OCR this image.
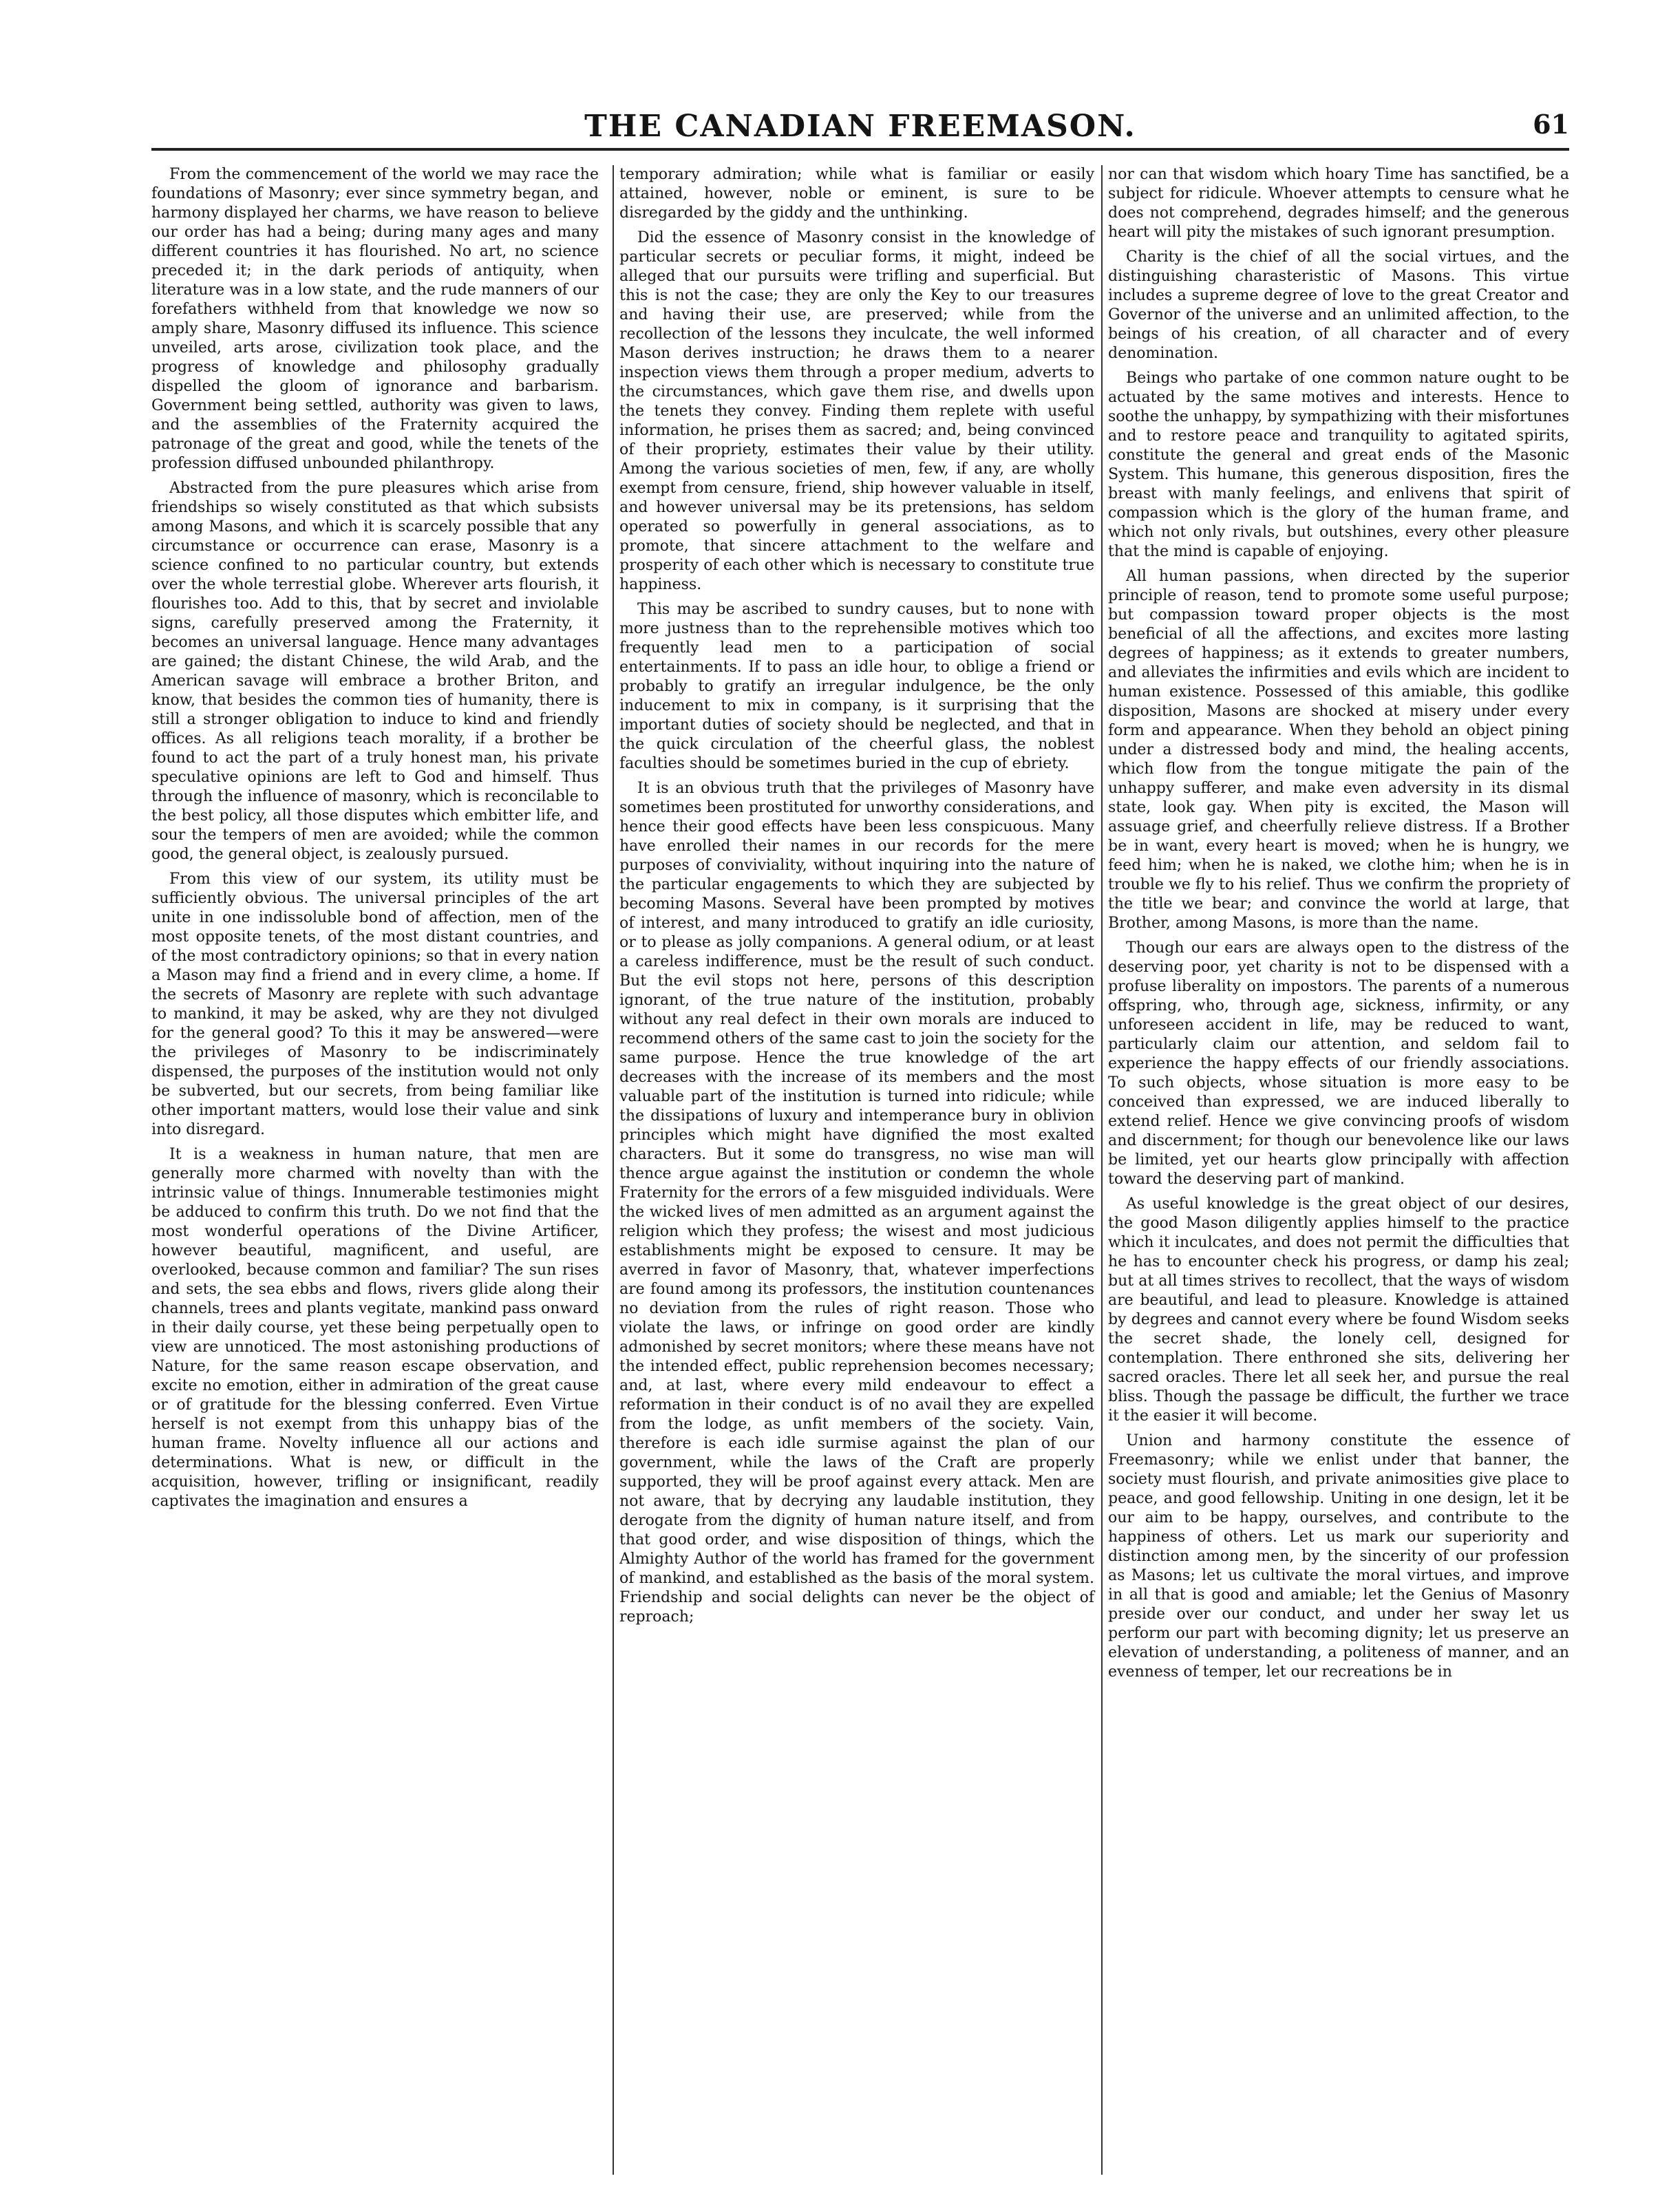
THE CANADIAN FREEMASON.	61

From the commencement of the world we may race the foundations of Masonry; ever since symmetry began, and harmony displayed her charms, we have reason to believe our order has had a being; during many ages and many different countries it has flourished. No art, no science preceded it; in the dark periods of antiquity, when literature was in a low state, and the rude manners of our forefathers withheld from that knowledge we now so amply share, Masonry diffused its influence. This science unveiled, arts arose, civilization took place, and the progress of knowledge and philosophy gradually dispelled the gloom of ignorance and barbarism. Government being settled, authority was given to laws, and the assemblies of the Fraternity acquired the patronage of the great and good, while the tenets of the profession diffused unbounded philanthropy.

Abstracted from the pure pleasures which arise from friendships so wisely constituted as that which subsists among Masons, and which it is scarcely possible that any circumstance or occurrence can erase, Masonry is a science confined to no particular country, but extends over the whole terrestial globe. Wherever arts flourish, it flourishes too. Add to this, that by secret and inviolable signs, carefully preserved among the Fraternity, it becomes an universal language. Hence many advantages are gained; the distant Chinese, the wild Arab, and the American savage will embrace a brother Briton, and know, that besides the common ties of humanity, there is still a stronger obligation to induce to kind and friendly offices. As all religions teach morality, if a brother be found to act the part of a truly honest man, his private speculative opinions are left to God and himself. Thus through the influence of masonry, which is reconcilable to the best policy, all those disputes which embitter life, and sour the tempers of men are avoided; while the common good, the general object, is zealously pursued.

From this view of our system, its utility must be sufficiently obvious. The universal principles of the art unite in one indissoluble bond of affection, men of the most opposite tenets, of the most distant countries, and of the most contradictory opinions; so that in every nation a Mason may find a friend and in every clime, a home. If the secrets of Masonry are replete with such advantage to mankind, it may be asked, why are they not divulged for the general good? To this it may be answered—were the privileges of Masonry to be indiscriminately dispensed, the purposes of the institution would not only be subverted, but our secrets, from being familiar like other important matters, would lose their value and sink into disregard.

It is a weakness in human nature, that men are generally more charmed with novelty than with the intrinsic value of things. Innumerable testimonies might be adduced to confirm this truth. Do we not find that the most wonderful operations of the Divine Artificer, however beautiful, magnificent, and useful, are overlooked, because common and familiar? The sun rises and sets, the sea ebbs and flows, rivers glide along their channels, trees and plants vegitate, mankind pass onward in their daily course, yet these being perpetually open to view are unnoticed. The most astonishing productions of Nature, for the same reason escape observation, and excite no emotion, either in admiration of the great cause or of gratitude for the blessing conferred. Even Virtue herself is not exempt from this unhappy bias of the human frame. Novelty influence all our actions and determinations. What is new, or difficult in the acquisition, however, trifling or insignificant, readily captivates the imagination and ensures a

temporary admiration; while what is familiar or easily attained, however, noble or eminent, is sure to be disregarded by the giddy and the unthinking.

Did the essence of Masonry consist in the knowledge of particular secrets or peculiar forms, it might, indeed be alleged that our pursuits were trifling and superficial. But this is not the case; they are only the Key to our treasures and having their use, are preserved; while from the recollection of the lessons they inculcate, the well informed Mason derives instruction; he draws them to a nearer inspection views them through a proper medium, adverts to the circumstances, which gave them rise, and dwells upon the tenets they convey. Finding them replete with useful information, he prises them as sacred; and, being convinced of their propriety, estimates their value by their utility. Among the various societies of men, few, if any, are wholly exempt from censure, friend, ship however valuable in itself, and however universal may be its pretensions, has seldom operated so powerfully in general associations, as to promote, that sincere attachment to the welfare and prosperity of each other which is necessary to constitute true happiness.

This may be ascribed to sundry causes, but to none with more justness than to the reprehensible motives which too frequently lead men to a participation of social entertainments. If to pass an idle hour, to oblige a friend or probably to gratify an irregular indulgence, be the only inducement to mix in company, is it surprising that the important duties of society should be neglected, and that in the quick circulation of the cheerful glass, the noblest faculties should be sometimes buried in the cup of ebriety.

It is an obvious truth that the privileges of Masonry have sometimes been prostituted for unworthy considerations, and hence their good effects have been less conspicuous. Many have enrolled their names in our records for the mere purposes of conviviality, without inquiring into the nature of the particular engagements to which they are subjected by becoming Masons. Several have been prompted by motives of interest, and many introduced to gratify an idle curiosity, or to please as jolly companions. A general odium, or at least a careless indifference, must be the result of such conduct. But the evil stops not here, persons of this description ignorant, of the true nature of the institution, probably without any real defect in their own morals are induced to recommend others of the same cast to join the society for the same purpose. Hence the true knowledge of the art decreases with the increase of its members and the most valuable part of the institution is turned into ridicule; while the dissipations of luxury and intemperance bury in oblivion principles which might have dignified the most exalted characters. But it some do transgress, no wise man will thence argue against the institution or condemn the whole Fraternity for the errors of a few misguided individuals. Were the wicked lives of men admitted as an argument against the religion which they profess; the wisest and most judicious establishments might be exposed to censure. It may be averred in favor of Masonry, that, whatever imperfections are found among its professors, the institution countenances no deviation from the rules of right reason. Those who violate the laws, or infringe on good order are kindly admonished by secret monitors; where these means have not the intended effect, public reprehension becomes necessary; and, at last, where every mild endeavour to effect a reformation in their conduct is of no avail they are expelled from the lodge, as unfit members of the society. Vain, therefore is each idle surmise against the plan of our government, while the laws of the Craft are properly supported, they will be proof against every attack. Men are not aware, that by decrying any laudable institution, they derogate from the dignity of human nature itself, and from that good order, and wise disposition of things, which the Almighty Author of the world has framed for the government of mankind, and established as the basis of the moral system. Friendship and social delights can never be the object of reproach;

nor can that wisdom which hoary Time has sanctified, be a subject for ridicule. Whoever attempts to censure what he does not comprehend, degrades himself; and the generous heart will pity the mistakes of such ignorant presumption.

Charity is the chief of all the social virtues, and the distinguishing charasteristic of Masons. This virtue includes a supreme degree of love to the great Creator and Governor of the universe and an unlimited affection, to the beings of his creation, of all character and of every denomination.

Beings who partake of one common nature ought to be actuated by the same motives and interests. Hence to soothe the unhappy, by sympathizing with their misfortunes and to restore peace and tranquility to agitated spirits, constitute the general and great ends of the Masonic System. This humane, this generous disposition, fires the breast with manly feelings, and enlivens that spirit of compassion which is the glory of the human frame, and which not only rivals, but outshines, every other pleasure that the mind is capable of enjoying.

All human passions, when directed by the superior principle of reason, tend to promote some useful purpose; but compassion toward proper objects is the most beneficial of all the affections, and excites more lasting degrees of happiness; as it extends to greater numbers, and alleviates the infirmities and evils which are incident to human existence. Possessed of this amiable, this godlike disposition, Masons are shocked at misery under every form and appearance. When they behold an object pining under a distressed body and mind, the healing accents, which flow from the tongue mitigate the pain of the unhappy sufferer, and make even adversity in its dismal state, look gay. When pity is excited, the Mason will assuage grief, and cheerfully relieve distress. If a Brother be in want, every heart is moved; when he is hungry, we feed him; when he is naked, we clothe him; when he is in trouble we fly to his relief. Thus we confirm the propriety of the title we bear; and convince the world at large, that Brother, among Masons, is more than the name.

Though our ears are always open to the distress of the deserving poor, yet charity is not to be dispensed with a profuse liberality on impostors. The parents of a numerous offspring, who, through age, sickness, infirmity, or any unforeseen accident in life, may be reduced to want, particularly claim our attention, and seldom fail to experience the happy effects of our friendly associations. To such objects, whose situation is more easy to be conceived than expressed, we are induced liberally to extend relief. Hence we give convincing proofs of wisdom and discernment; for though our benevolence like our laws be limited, yet our hearts glow principally with affection toward the deserving part of mankind.

As useful knowledge is the great object of our desires, the good Mason diligently applies himself to the practice which it inculcates, and does not permit the difficulties that he has to encounter check his progress, or damp his zeal; but at all times strives to recollect, that the ways of wisdom are beautiful, and lead to pleasure. Knowledge is attained by degrees and cannot every where be found Wisdom seeks the secret shade, the lonely cell, designed for contemplation. There enthroned she sits, delivering her sacred oracles. There let all seek her, and pursue the real bliss. Though the passage be difficult, the further we trace it the easier it will become.

Union and harmony constitute the essence of Freemasonry; while we enlist under that banner, the society must flourish, and private animosities give place to peace, and good fellowship. Uniting in one design, let it be our aim to be happy, ourselves, and contribute to the happiness of others. Let us mark our superiority and distinction among men, by the sincerity of our profession as Masons; let us cultivate the moral virtues, and improve in all that is good and amiable; let the Genius of Masonry preside over our conduct, and under her sway let us perform our part with becoming dignity; let us preserve an elevation of understanding, a politeness of manner, and an evenness of temper, let our recreations be in
